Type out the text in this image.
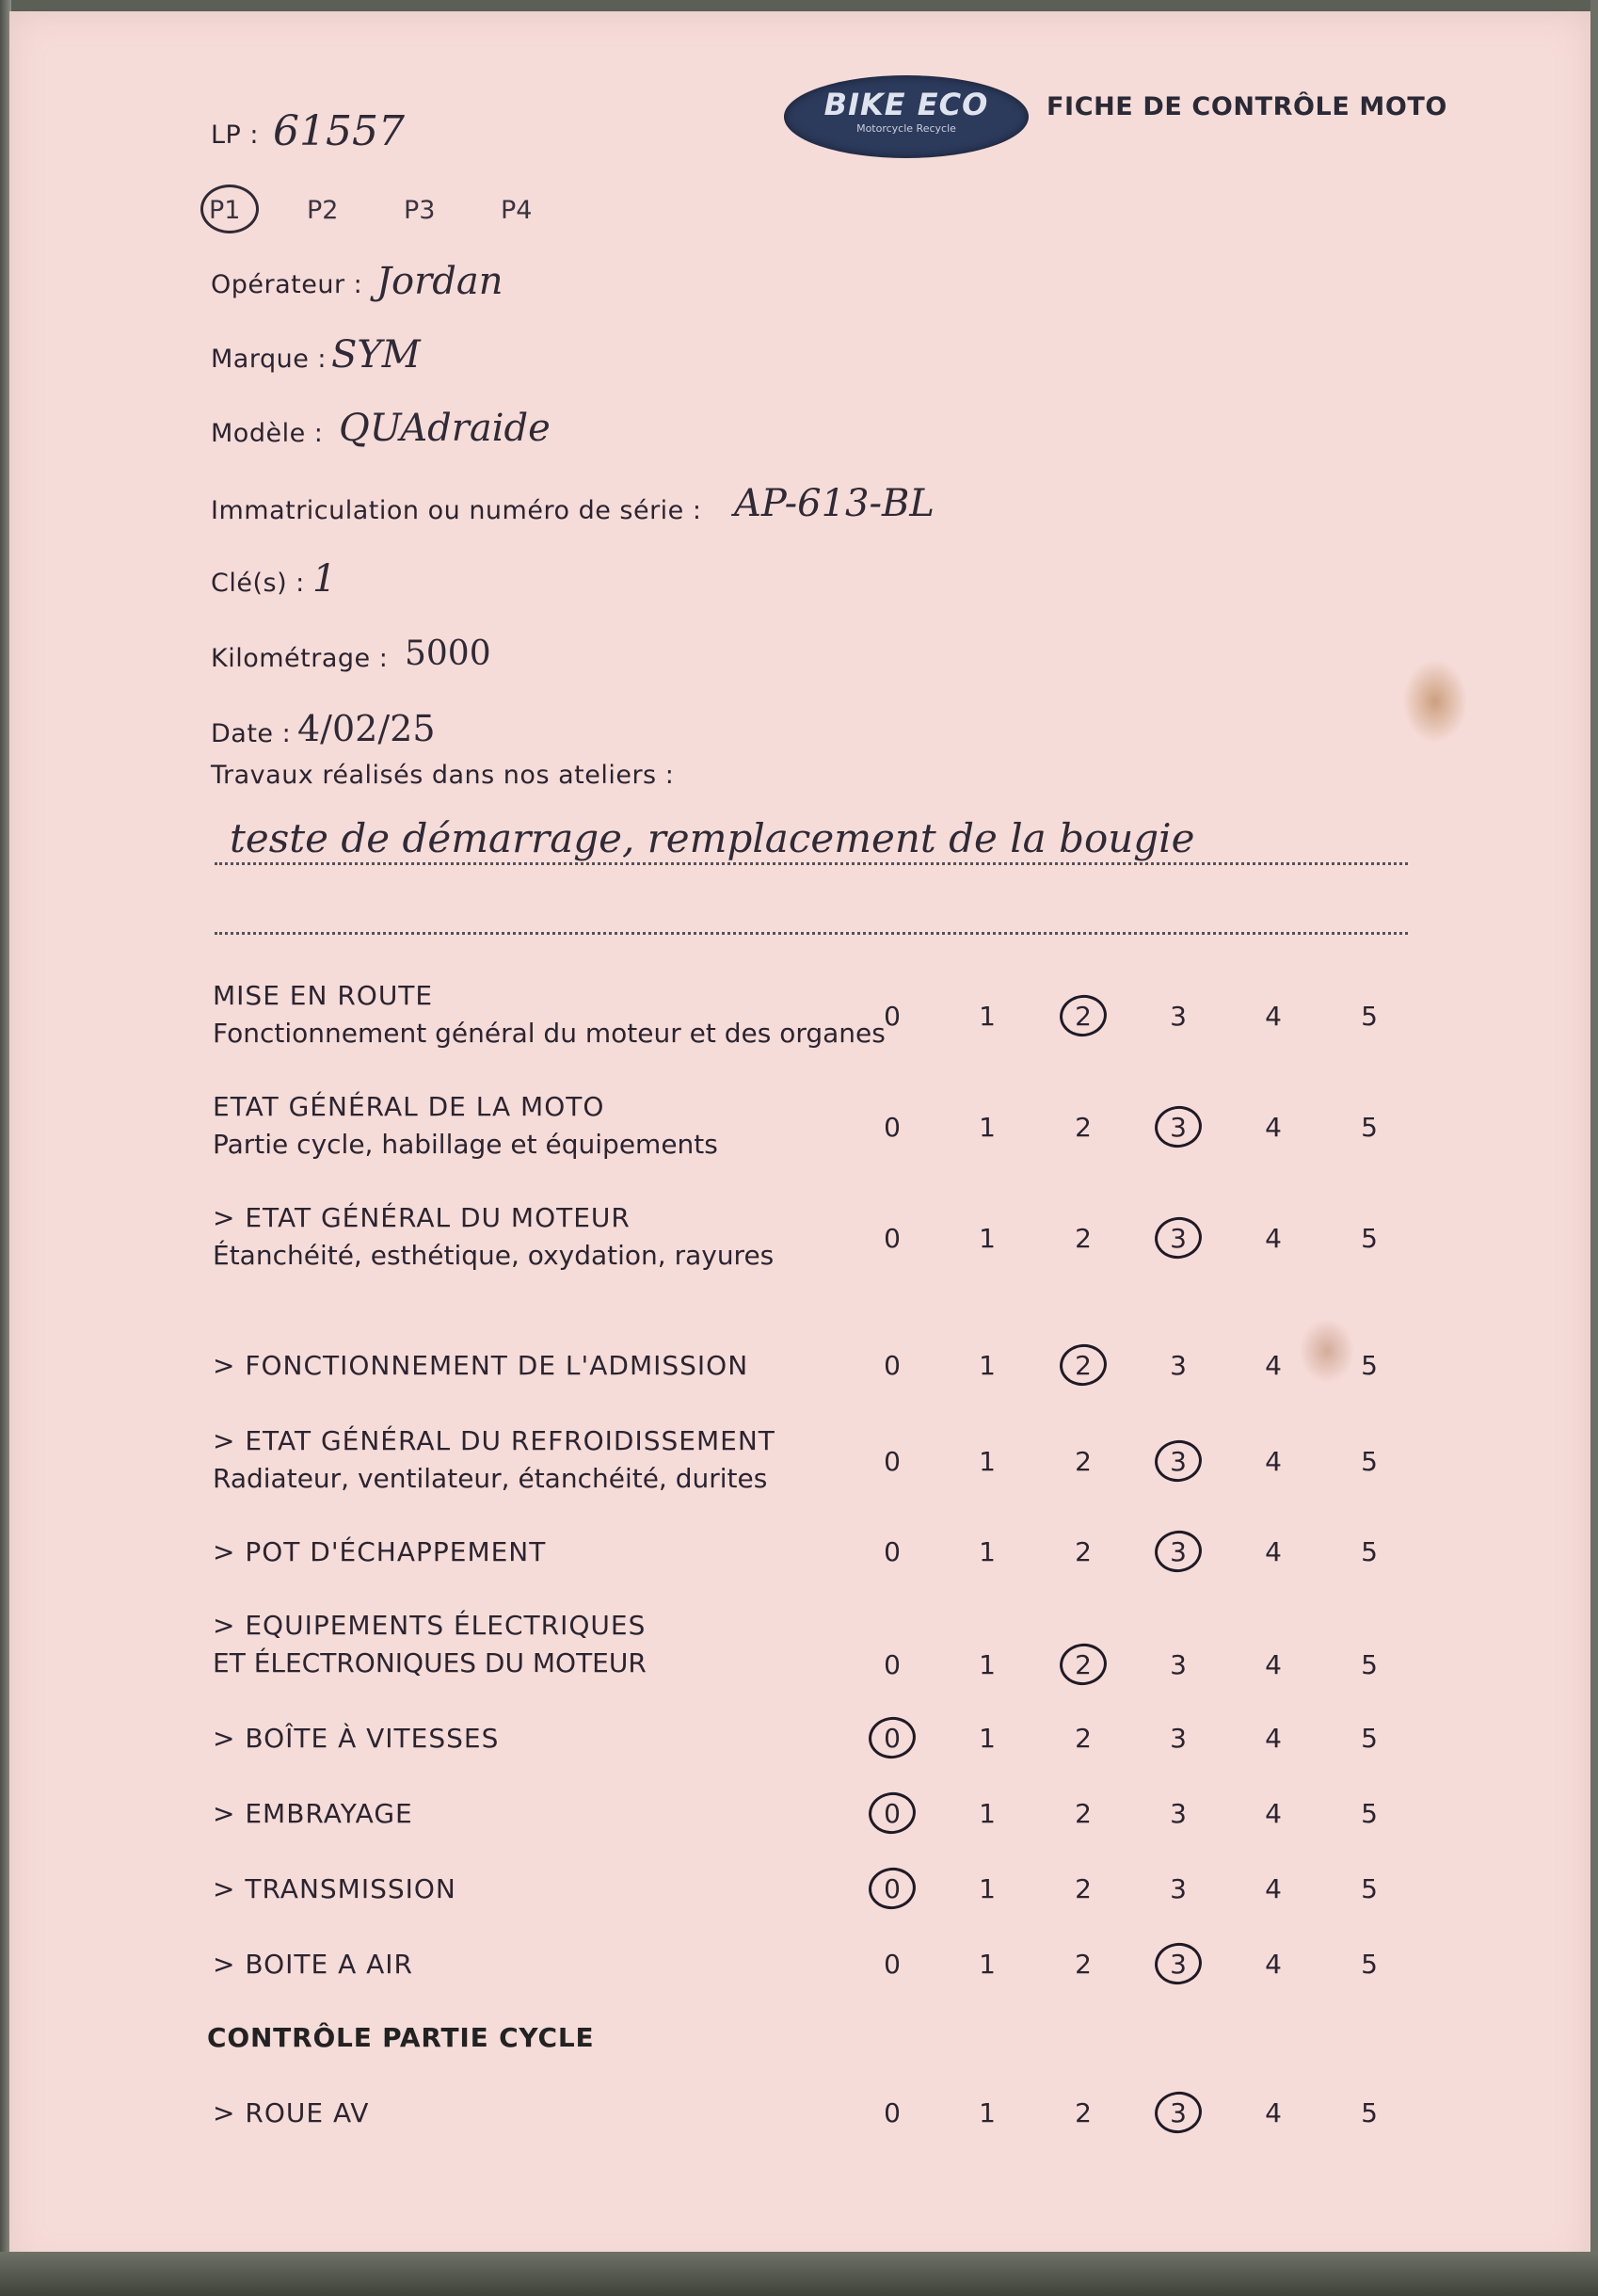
BIKE ECO
Motorcycle Recycle
FICHE DE CONTRÔLE MOTO
LP : 61557
P1	P2	P3	P4
Opérateur : Jordan
Marque : SYM
Modèle : QUAdraide
Immatriculation ou numéro de série : AP-613-BL
Clé(s) : 1
Kilométrage : 5000
Date : 4/02/25
Travaux réalisés dans nos ateliers :
teste de démarrage, remplacement de la bougie
MISE EN ROUTE
Fonctionnement général du moteur et des organes
0	1	2	3	4	5
ETAT GÉNÉRAL DE LA MOTO
Partie cycle, habillage et équipements
0	1	2	3	4	5
> ETAT GÉNÉRAL DU MOTEUR
Étanchéité, esthétique, oxydation, rayures
0	1	2	3	4	5
> FONCTIONNEMENT DE L'ADMISSION	0	1	2	3	4	5
> ETAT GÉNÉRAL DU REFROIDISSEMENT
Radiateur, ventilateur, étanchéité, durites
0	1	2	3	4	5
> POT D'ÉCHAPPEMENT	0	1	2	3	4	5
> EQUIPEMENTS ÉLECTRIQUES
ET ÉLECTRONIQUES DU MOTEUR	0	1	2	3	4	5
> BOÎTE À VITESSES	0	1	2	3	4	5
> EMBRAYAGE	0	1	2	3	4	5
> TRANSMISSION	0	1	2	3	4	5
> BOITE A AIR	0	1	2	3	4	5
CONTRÔLE PARTIE CYCLE
> ROUE AV	0	1	2	3	4	5
